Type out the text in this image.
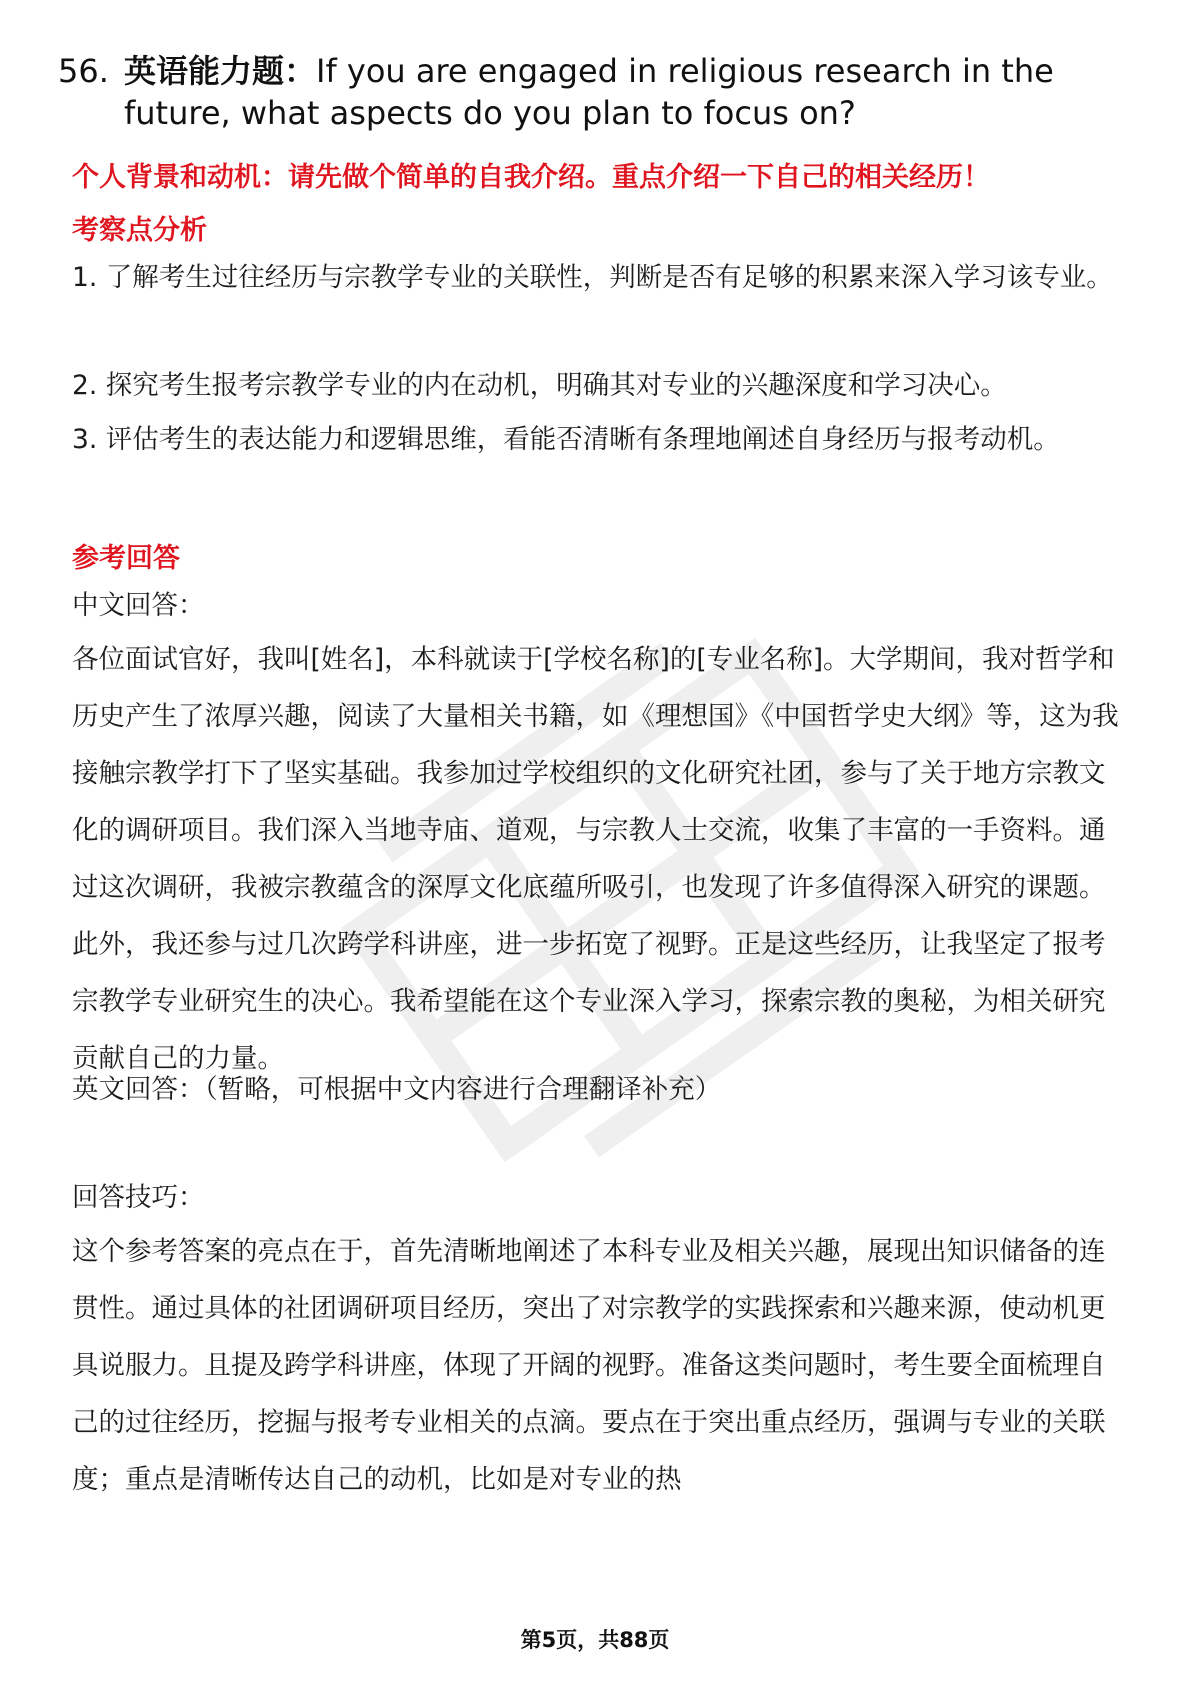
56. 英语能力题：If you are engaged in religious research in the future, what aspects do you plan to focus on?
个人背景和动机：请先做个简单的自我介绍。重点介绍一下自己的相关经历！
考察点分析
1. 了解考生过往经历与宗教学专业的关联性，判断是否有足够的积累来深入学习该专业。
2. 探究考生报考宗教学专业的内在动机，明确其对专业的兴趣深度和学习决心。
3. 评估考生的表达能力和逻辑思维，看能否清晰有条理地阐述自身经历与报考动机。
参考回答
中文回答：
各位面试官好，我叫[姓名]，本科就读于[学校名称]的[专业名称]。大学期间，我对哲学和历史产生了浓厚兴趣，阅读了大量相关书籍，如《理想国》《中国哲学史大纲》等，这为我接触宗教学打下了坚实基础。我参加过学校组织的文化研究社团，参与了关于地方宗教文化的调研项目。我们深入当地寺庙、道观，与宗教人士交流，收集了丰富的一手资料。通过这次调研，我被宗教蕴含的深厚文化底蕴所吸引，也发现了许多值得深入研究的课题。此外，我还参与过几次跨学科讲座，进一步拓宽了视野。正是这些经历，让我坚定了报考宗教学专业研究生的决心。我希望能在这个专业深入学习，探索宗教的奥秘，为相关研究贡献自己的力量。
英文回答：（暂略，可根据中文内容进行合理翻译补充）
回答技巧：
这个参考答案的亮点在于，首先清晰地阐述了本科专业及相关兴趣，展现出知识储备的连贯性。通过具体的社团调研项目经历，突出了对宗教学的实践探索和兴趣来源，使动机更具说服力。且提及跨学科讲座，体现了开阔的视野。准备这类问题时，考生要全面梳理自己的过往经历，挖掘与报考专业相关的点滴。要点在于突出重点经历，强调与专业的关联度；重点是清晰传达自己的动机，比如是对专业的热
第5页，共88页
